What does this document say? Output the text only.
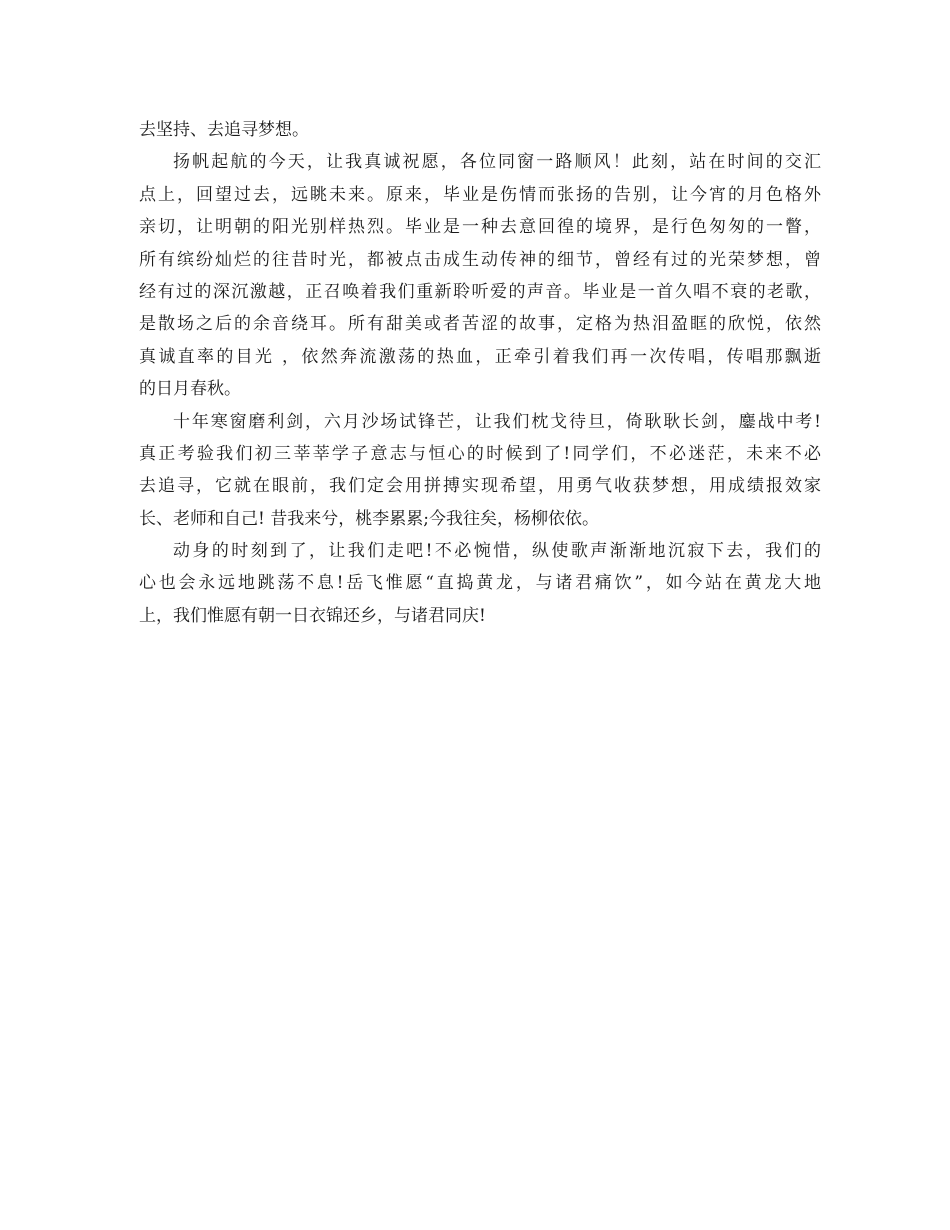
去坚持、去追寻梦想。
扬帆起航的今天，让我真诚祝愿，各位同窗一路顺风！此刻，站在时间的交汇
点上，回望过去，远眺未来。原来，毕业是伤情而张扬的告别，让今宵的月色格外
亲切，让明朝的阳光别样热烈。毕业是一种去意回徨的境界，是行色匆匆的一瞥，
所有缤纷灿烂的往昔时光，都被点击成生动传神的细节，曾经有过的光荣梦想，曾
经有过的深沉激越，正召唤着我们重新聆听爱的声音。毕业是一首久唱不衰的老歌，
是散场之后的余音绕耳。所有甜美或者苦涩的故事，定格为热泪盈眶的欣悦，依然
真诚直率的目光 ，依然奔流激荡的热血，正牵引着我们再一次传唱，传唱那飘逝
的日月春秋。
十年寒窗磨利剑，六月沙场试锋芒，让我们枕戈待旦，倚耿耿长剑，鏖战中考!
真正考验我们初三莘莘学子意志与恒心的时候到了!同学们，不必迷茫，未来不必
去追寻，它就在眼前，我们定会用拼搏实现希望，用勇气收获梦想，用成绩报效家
长、老师和自己! 昔我来兮，桃李累累;今我往矣，杨柳依依。
动身的时刻到了，让我们走吧!不必惋惜，纵使歌声渐渐地沉寂下去，我们的
心也会永远地跳荡不息!岳飞惟愿“直捣黄龙，与诸君痛饮”，如今站在黄龙大地
上，我们惟愿有朝一日衣锦还乡，与诸君同庆!
